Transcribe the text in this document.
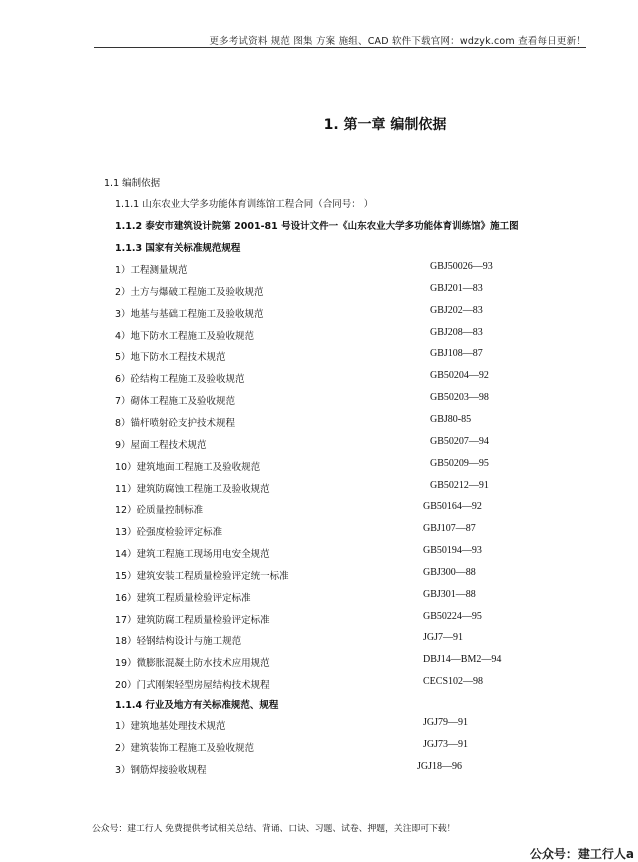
更多考试资料 规范 图集 方案 施组、CAD 软件下载官网：wdzyk.com 查看每日更新！
1. 第一章 编制依据
1.1 编制依据
1.1.1 山东农业大学多功能体育训练馆工程合同（合同号： ）
1.1.2 泰安市建筑设计院第 2001-81 号设计文件一《山东农业大学多功能体育训练馆》施工图
1.1.3 国家有关标准规范规程
1）工程测量规范	GBJ50026—93
2）土方与爆破工程施工及验收规范	GBJ201—83
3）地基与基础工程施工及验收规范	GBJ202—83
4）地下防水工程施工及验收规范	GBJ208—83
5）地下防水工程技术规范	GBJ108—87
6）砼结构工程施工及验收规范	GB50204—92
7）砌体工程施工及验收规范	GB50203—98
8）锚杆喷射砼支护技术规程	GBJ80-85
9）屋面工程技术规范	GB50207—94
10）建筑地面工程施工及验收规范	GB50209—95
11）建筑防腐蚀工程施工及验收规范	GB50212—91
12）砼质量控制标准	GB50164—92
13）砼强度检验评定标准	GBJ107—87
14）建筑工程施工现场用电安全规范	GB50194—93
15）建筑安装工程质量检验评定统一标准	GBJ300—88
16）建筑工程质量检验评定标准	GBJ301—88
17）建筑防腐工程质量检验评定标准	GB50224—95
18）轻钢结构设计与施工规范	JGJ7—91
19）微膨胀混凝土防水技术应用规范	DBJ14—BM2—94
20）门式刚架轻型房屋结构技术规程	CECS102—98
1.1.4 行业及地方有关标准规范、规程
1）建筑地基处理技术规范	JGJ79—91
2）建筑装饰工程施工及验收规范	JGJ73—91
3）钢筋焊接验收规程	JGJ18—96
公众号：建工行人 免费提供考试相关总结、背诵、口诀、习题、试卷、押题，关注即可下载！
公众号：建工行人a
